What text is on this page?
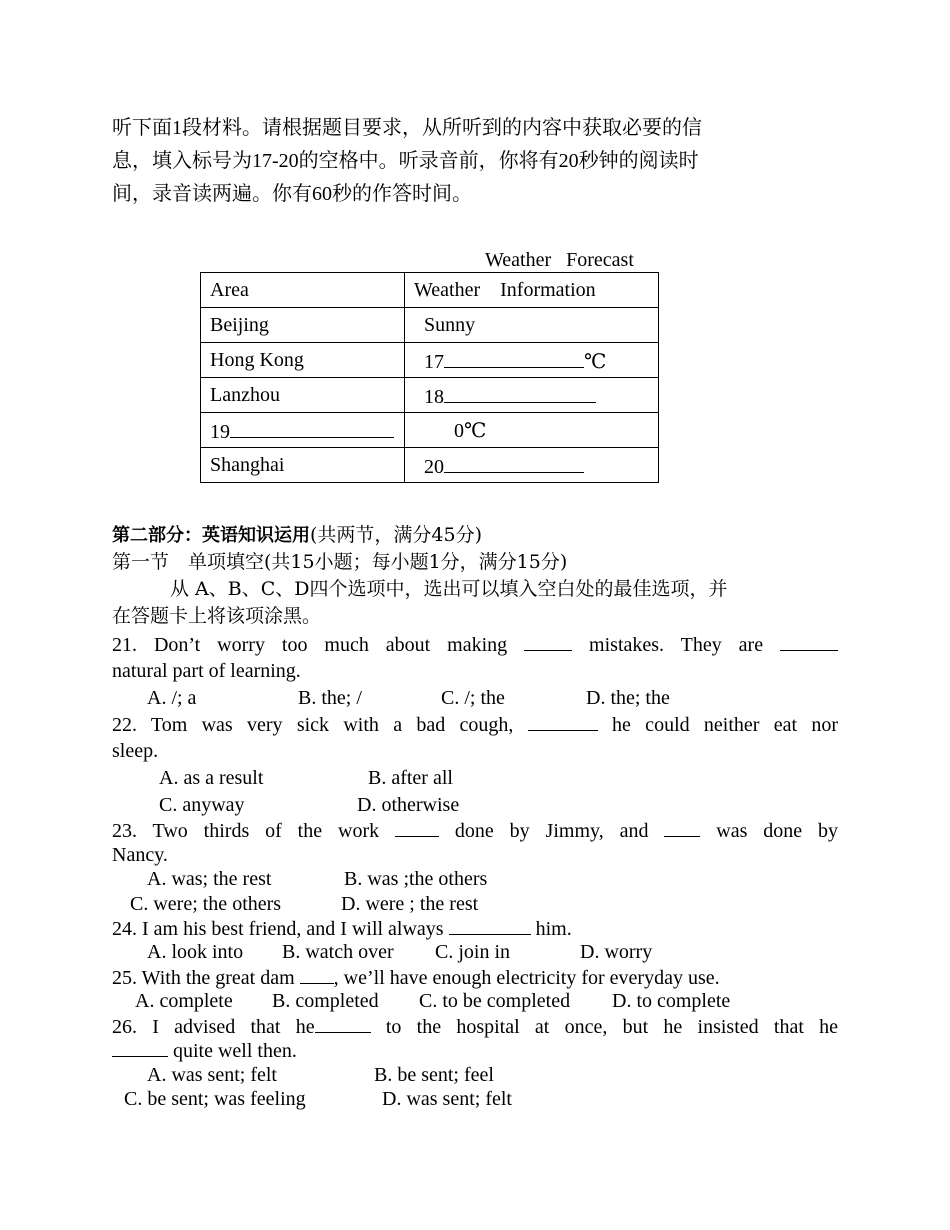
听下面1段材料。请根据题目要求，从所听到的内容中获取必要的信
息，填入标号为17-20的空格中。听录音前，你将有20秒钟的阅读时
间，录音读两遍。你有60秒的作答时间。
Weather   Forecast
Area	Weather    Information
Beijing	Sunny
Hong Kong	17 ℃
Lanzhou	18
19	0℃
Shanghai	20
第二部分：英语知识运用(共两节，满分45分)
第一节　单项填空(共15小题；每小题1分，满分15分)
从 A、B、C、D四个选项中，选出可以填入空白处的最佳选项，并
在答题卡上将该项涂黑。
21. Don’t worry too much about making	mistakes. They are
natural part of learning.
A. /; a	B. the; /	C. /; the	D. the; the
22. Tom was very sick with a bad cough,	he could neither eat nor
sleep.
A. as a result	B. after all
C. anyway	D. otherwise
23. Two thirds of the work	done by Jimmy, and	was done by
Nancy.
A. was; the rest	B. was ;the others
C. were; the others	D. were ; the rest
24. I am his best friend, and I will always	him.
A. look into B. watch over C. join in	D. worry
25. With the great dam , we’ll have enough electricity for everyday use.
A. complete B. completed C. to be completed D. to complete
26. I advised that he	to the hospital at once, but he insisted that he
quite well then.
A. was sent; felt	B. be sent; feel
C. be sent; was feeling	D. was sent; felt
